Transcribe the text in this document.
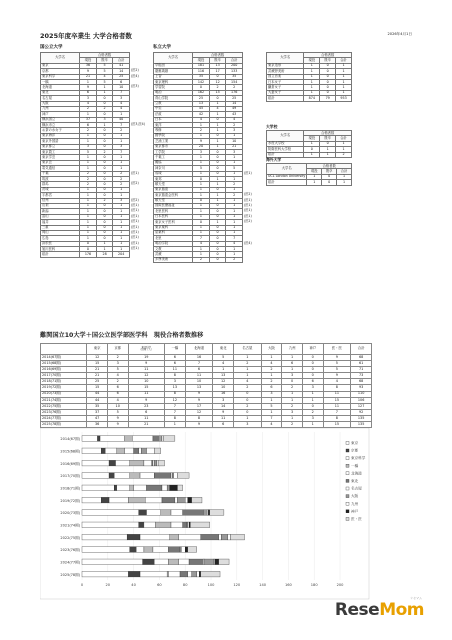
2025年度卒業生 大学合格者数	2026年4月1日
国公立大学
大学名	合格者数		
	現役	既卒	合計
東京	36	5	41
京都	9	5	14
東京科学	21	4	25
一橋	1	5	6
北海道	9	1	10
東北	6	1	7
名古屋	3	0	3
大阪	4	0	4
九州	2	2	4
神戸	1	0	1
横浜国立	37	3	40
横浜市立	6	1	7
お茶の水女子	2	0	2
東京海洋	1	0	1
東京外国語	1	0	1
東京都立	3	0	3
東京農工	5	2	7
東京学芸	1	0	1
東京芸	1	0	1
電気通信	1	0	1
千葉	2	0	2
筑波	2	0	2
群馬	2	0	2
茨城	1	0	1
宇都宮	1	0	1
信州	1	2	3
山梨	1	0	1
新潟	1	0	1
富山	1	0	1
福井	1	0	1
三重	1	0	1
岡山	1	0	1
広島	1	0	1
浜松医	0	1	1
旭川医科	0	1	1
総計	176	28	204
(医2)
(医4)
(医3)
(医3,医4)
(医1)
(医2)
(医2)
(医1)
(医1)
(医1)
(医1)
(医1)
(医1)
(医1)
(医1)
(医1)
私立大学
大学名	合格者数		
	現役	既卒	合計
早稲田	181	13	200
慶應義塾	116	17	133
上智	35	0	35
東京理科	142	12	154
学習院	0	2	2
明治	162	15	176
青山学院	25	0	25
立教	13	1	14
中央	45	4	49
法政	42	1	43
日本	4	0	4
東洋	1	1	2
専修	2	1	3
國學院	1	0	1
芝浦工業	9	1	10
東京都市	20	1	21
工学院	3	0	3
千葉工	1	0	1
獨協	1	0	1
神奈川	5	0	5
成城	1	0	1
東邦	0	1	1
順天堂	1	1	2
東京慈恵	1	0	1
東京慈恵会医科	1	1	2
順天堂	0	1	1
国際医療福祉	1	0	1
北里医科	1	0	1
日本医科	1	0	1
東京女子医科	0	1	1
東京薬科	1	0	1
星薬科	1	0	1
北里	7	0	7
明治学院	4	0	4
文教	1	0	1
武蔵	1	0	1
多摩美術	2	0	2
(医1)
(医2)
(医1)
(医1)
(医1)
(医1)
(医2)
(医4)
大学名	合格者数		
	現役	既卒	合計
東京造形	1	0	1
武蔵野美術	1	0	1
国立音楽	1	0	1
日本女子	1	0	1
鎌倉女子	1	0	1
大妻女子	1	0	1
総計	874	79	953
大学校
大学名	合格者数		
	現役	既卒	合計
水産大学校	1	0	1
防衛医科大学校	0	1	1
総計	1	1	2
海外大学
大学名	合格者数		
	現役	既卒	合計
UCL London University	1	0	1
総計	1	0	1
難関国立10大学＋国公立医学部医学科　現役合格者数推移
	東京	京都	東京科学
（旧東工大）	一橋	北海道	東北	名古屋	大阪	九州	神戸	医・医	合計
2014(67期)	12	2	19	6	16	5	1	1	1	0	9	68
2015(68期)	15	3	9	6	7	4	2	4	6	0	5	61
2016(69期)	21	5	11	11	6	1	1	2	1	0	5	71
2017(70期)	21	4	12	8	11	13	1	1	3	0	9	73
2018(71期)	25	2	10	3	10	12	4	2	0	6	4	68
2019(72期)	15	6	15	13	13	10	2	6	2	3	8	93
2020(73期)	44	6	11	8	9	16	0	3	1	1	11	110
2021(74期)	44	4	9	12	9	3	0	1	1	1	15	106
2022(75期)	35	10	23	7	17	14	2	5	2	0	11	127
2023(76期)	37	5	6	7	12	9	0	1	3	2	7	92
2024(77期)	47	9	11	8	8	11	1	7	1	3	8	135
2025(78期)	36	9	21	1	9	6	3	4	2	1	15	135
0	20	40	60	80	100	120	140	160	180	200
2014(67期)
2015(68期)
2016(69期)
2017(70期)
2018(71期)
2019(72期)
2020(73期)
2021(74期)
2022(75期)
2023(76期)
2024(77期)
2025(78期)
東京
京都
東京科学
一橋
北海道
東北
名古屋
大阪
九州
神戸
医・医
リセマム
ReseMom
